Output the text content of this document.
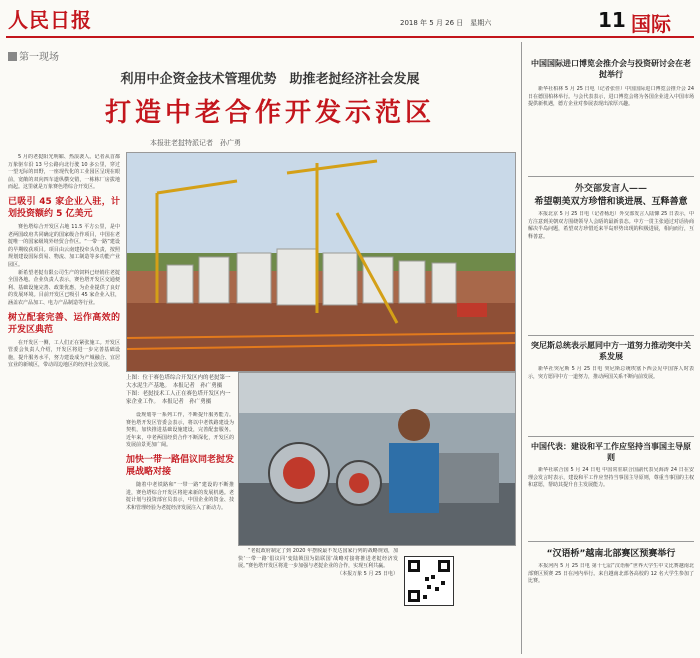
人民日报	2018 年 5 月 26 日　星期六	11 国际
第一现场
利用中企资金技术管理优势　助推老挝经济社会发展
打造中老合作开发示范区
本报驻老挝特派记者　孙广勇

5 月的老挝阳光明媚、热浪袭人。记者从首都万象驱车沿 13 号公路向北行驶 10 多公里，穿过一望无际的田野，一座现代化的工业园区呈现在眼前，宽敞的双向四车道纵横交错，一栋栋厂房拔地而起。这里就是万象赛色塔综合开发区。

已吸引 45 家企业入驻，计划投资额约 5 亿美元

赛色塔综合开发区占地 11.5 平方公里，是中老两国政府共同确定的国家级合作项目，中国在老挝唯一的国家级境外经贸合作区。“一带一路”建设的早期收获项目。项目由云南建投牵头负责，按照规划建设国际贸易、物流、加工制造等多功能产业园区。

新希望老挝有限公司生产的饲料已经销往老挝全国各地。企业负责人表示，赛色塔开发区交通便利、基础设施完善、政策优惠，为企业提供了良好的发展环境。目前开发区已吸引 45 家企业入驻，涵盖农产品加工、电力产品制造等行业。

树立配套完善、运作高效的开发区典范

在开发区一侧，工人们正在紧张施工。开发区管委会负责人介绍，开发区将进一步完善基础设施，提升服务水平，努力建设成为产城融合、宜居宜业的新城区，带动周边地区的经济社会发展。

上图：位于赛色塔综合开发区内的老挝第一大水泥生产基地。　本报记者　孙广勇摄
下图：老挝技术工人正在赛色塔开发区内一家企业工作。　本报记者　孙广勇摄

设规划等一系列工作，不断提升服务能力。赛色塔开发区管委会表示，将以中老铁路建设为契机，加快推进基础设施建设，完善配套服务。近年来，中老两国经贸合作不断深化，开发区的发展前景更加广阔。

加快一带一路倡议同老挝发展战略对接

随着中老铁路和“一带一路”建设的不断推进，赛色塔综合开发区将迎来新的发展机遇。老挝计划与投资部官员表示，中国企业的资金、技术和管理经验为老挝经济发展注入了新动力。

“老挝政府制定了到 2020 年摆脱最不发达国家行列的战略规划，加快‘一带一路’倡议同‘变陆锁国为陆联国’战略对接将推进老挝经济发展。”赛色塔开发区将进一步加强与老挝企业的合作，实现互利共赢。

（本报万象 5 月 25 日电）

中国国际进口博览会推介会与投资研讨会在老挝举行

新华社柏林 5 月 25 日电（记者张佳）中国国际进口博览会推介会 24 日在德国柏林举行。与会代表表示，进口博览会将为各国企业进入中国市场提供新机遇，德方企业对参展表现出浓厚兴趣。

外交部发言人——
希望朝美双方珍惜和谈进展、互释善意

本报北京 5 月 25 日电（记者杨迅）外交部发言人陆慷 25 日表示，中方注意到美朝双方围绕领导人会晤的最新表态。中方一贯主张通过对话协商解决半岛问题，希望双方珍惜近来半岛形势出现的积极进展，相向而行，互释善意。

突尼斯总统表示愿同中方一道努力推动突中关系发展

新华社突尼斯 5 月 25 日电 突尼斯总统埃塞卜西会见中国客人时表示，突方愿同中方一道努力，推动两国关系不断向前发展。

中国代表：建设和平工作应坚持当事国主导原则

新华社联合国 5 月 24 日电 中国常驻联合国副代表吴海涛 24 日在安理会发言时表示，建设和平工作应坚持当事国主导原则，尊重当事国的主权和意愿，帮助其提升自主发展能力。

“汉语桥”越南北部赛区预赛举行

本报河内 5 月 25 日电 第十七届“汉语桥”世界大学生中文比赛越南北部赛区预赛 25 日在河内举行。来自越南北部各高校的 12 名大学生参加了比赛。
